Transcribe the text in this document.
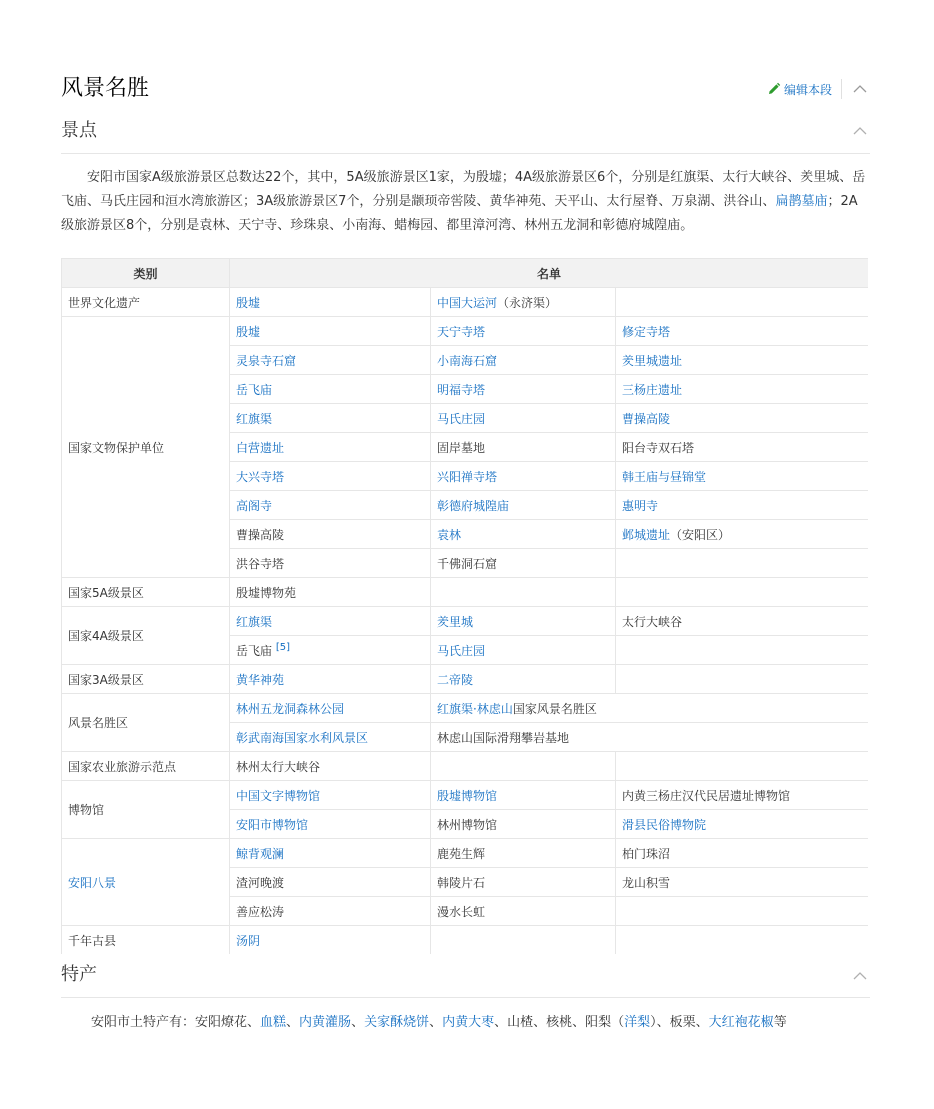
风景名胜	编辑本段
景点

安阳市国家A级旅游景区总数达22个，其中，5A级旅游景区1家，为殷墟；4A级旅游景区6个，分别是红旗渠、太行大峡谷、羑里城、岳飞庙、马氏庄园和洹水湾旅游区；3A级旅游景区7个，分别是颛顼帝喾陵、黄华神苑、天平山、太行屋脊、万泉湖、洪谷山、扁鹊墓庙；2A级旅游景区8个，分别是袁林、天宁寺、珍珠泉、小南海、蜡梅园、都里漳河湾、林州五龙洞和彰德府城隍庙。

类别	名单		
世界文化遗产	殷墟	中国大运河（永济渠）	
国家文物保护单位	殷墟	天宁寺塔	修定寺塔
	灵泉寺石窟	小南海石窟	羑里城遗址
	岳飞庙	明福寺塔	三杨庄遗址
	红旗渠	马氏庄园	曹操高陵
	白营遗址	固岸墓地	阳台寺双石塔
	大兴寺塔	兴阳禅寺塔	韩王庙与昼锦堂
	高阁寺	彰德府城隍庙	惠明寺
	曹操高陵	袁林	邺城遗址（安阳区）
	洪谷寺塔	千佛洞石窟	
国家5A级景区	殷墟博物苑		
国家4A级景区	红旗渠	羑里城	太行大峡谷
	岳飞庙 [5]	马氏庄园	
国家3A级景区	黄华神苑	二帝陵	
风景名胜区	林州五龙洞森林公园	红旗渠·林虑山国家风景名胜区	
	彰武南海国家水利风景区	林虑山国际滑翔攀岩基地	
国家农业旅游示范点	林州太行大峡谷		
博物馆	中国文字博物馆	殷墟博物馆	内黄三杨庄汉代民居遗址博物馆
	安阳市博物馆	林州博物馆	滑县民俗博物院
安阳八景	鲸背观澜	鹿苑生辉	柏门珠沼
	渣河晚渡	韩陵片石	龙山积雪
	善应松涛	漫水长虹	
千年古县	汤阴		
特产

安阳市土特产有：安阳燎花、血糕、内黄灌肠、关家酥烧饼、内黄大枣、山楂、核桃、阳梨（洋梨）、板栗、大红袍花椒等
